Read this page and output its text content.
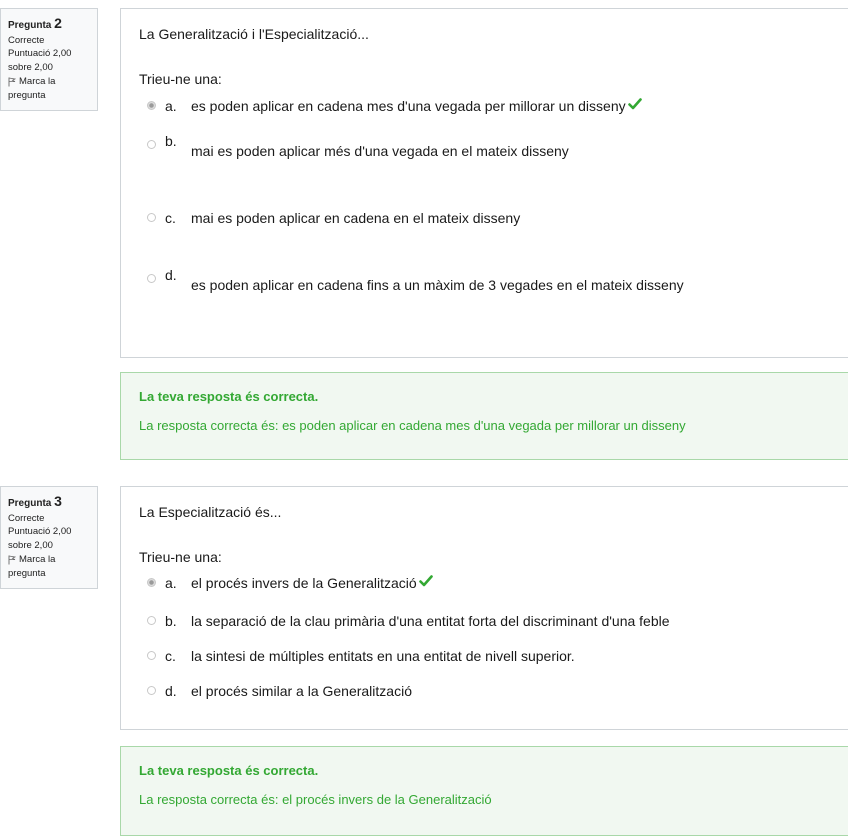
Pregunta 2
Correcte
Puntuació 2,00
sobre 2,00
Marca la
pregunta
La Generalització i l'Especialització...
Trieu-ne una:
a.	es poden aplicar en cadena mes d'una vegada per millorar un disseny
b.
mai es poden aplicar més d'una vegada en el mateix disseny
c.	mai es poden aplicar en cadena en el mateix disseny
d.
es poden aplicar en cadena fins a un màxim de 3 vegades en el mateix disseny
La teva resposta és correcta.
La resposta correcta és: es poden aplicar en cadena mes d'una vegada per millorar un disseny
Pregunta 3
Correcte
Puntuació 2,00
sobre 2,00
Marca la
pregunta
La Especialització és...
Trieu-ne una:
a.	el procés invers de la Generalització
b.	la separació de la clau primària d'una entitat forta del discriminant d'una feble
c.	la sintesi de múltiples entitats en una entitat de nivell superior.
d.	el procés similar a la Generalització
La teva resposta és correcta.
La resposta correcta és: el procés invers de la Generalització
